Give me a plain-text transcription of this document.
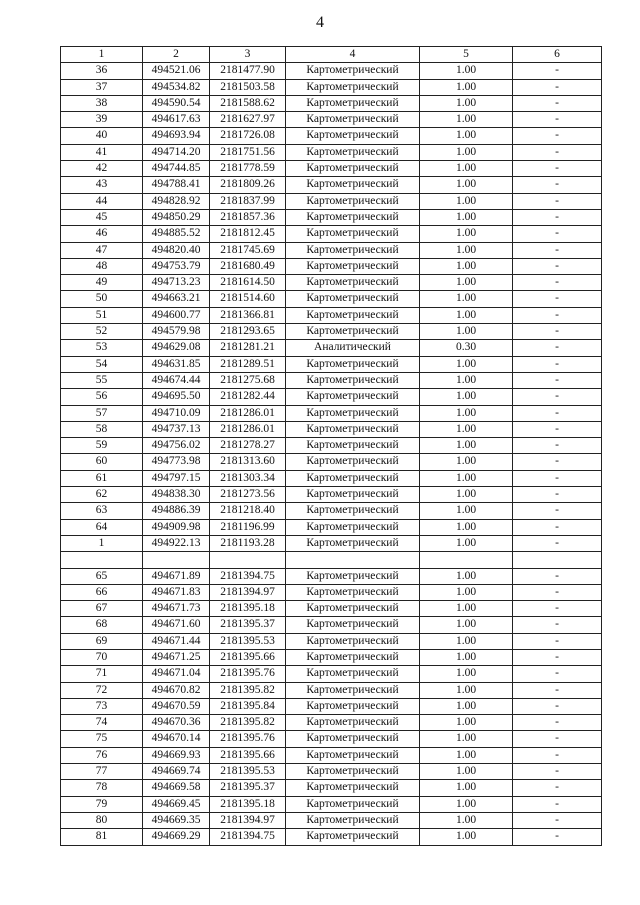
4
1	2	3	4	5	6
36	494521.06	2181477.90	Картометрический	1.00	-
37	494534.82	2181503.58	Картометрический	1.00	-
38	494590.54	2181588.62	Картометрический	1.00	-
39	494617.63	2181627.97	Картометрический	1.00	-
40	494693.94	2181726.08	Картометрический	1.00	-
41	494714.20	2181751.56	Картометрический	1.00	-
42	494744.85	2181778.59	Картометрический	1.00	-
43	494788.41	2181809.26	Картометрический	1.00	-
44	494828.92	2181837.99	Картометрический	1.00	-
45	494850.29	2181857.36	Картометрический	1.00	-
46	494885.52	2181812.45	Картометрический	1.00	-
47	494820.40	2181745.69	Картометрический	1.00	-
48	494753.79	2181680.49	Картометрический	1.00	-
49	494713.23	2181614.50	Картометрический	1.00	-
50	494663.21	2181514.60	Картометрический	1.00	-
51	494600.77	2181366.81	Картометрический	1.00	-
52	494579.98	2181293.65	Картометрический	1.00	-
53	494629.08	2181281.21	Аналитический	0.30	-
54	494631.85	2181289.51	Картометрический	1.00	-
55	494674.44	2181275.68	Картометрический	1.00	-
56	494695.50	2181282.44	Картометрический	1.00	-
57	494710.09	2181286.01	Картометрический	1.00	-
58	494737.13	2181286.01	Картометрический	1.00	-
59	494756.02	2181278.27	Картометрический	1.00	-
60	494773.98	2181313.60	Картометрический	1.00	-
61	494797.15	2181303.34	Картометрический	1.00	-
62	494838.30	2181273.56	Картометрический	1.00	-
63	494886.39	2181218.40	Картометрический	1.00	-
64	494909.98	2181196.99	Картометрический	1.00	-
1	494922.13	2181193.28	Картометрический	1.00	-

65	494671.89	2181394.75	Картометрический	1.00	-
66	494671.83	2181394.97	Картометрический	1.00	-
67	494671.73	2181395.18	Картометрический	1.00	-
68	494671.60	2181395.37	Картометрический	1.00	-
69	494671.44	2181395.53	Картометрический	1.00	-
70	494671.25	2181395.66	Картометрический	1.00	-
71	494671.04	2181395.76	Картометрический	1.00	-
72	494670.82	2181395.82	Картометрический	1.00	-
73	494670.59	2181395.84	Картометрический	1.00	-
74	494670.36	2181395.82	Картометрический	1.00	-
75	494670.14	2181395.76	Картометрический	1.00	-
76	494669.93	2181395.66	Картометрический	1.00	-
77	494669.74	2181395.53	Картометрический	1.00	-
78	494669.58	2181395.37	Картометрический	1.00	-
79	494669.45	2181395.18	Картометрический	1.00	-
80	494669.35	2181394.97	Картометрический	1.00	-
81	494669.29	2181394.75	Картометрический	1.00	-
